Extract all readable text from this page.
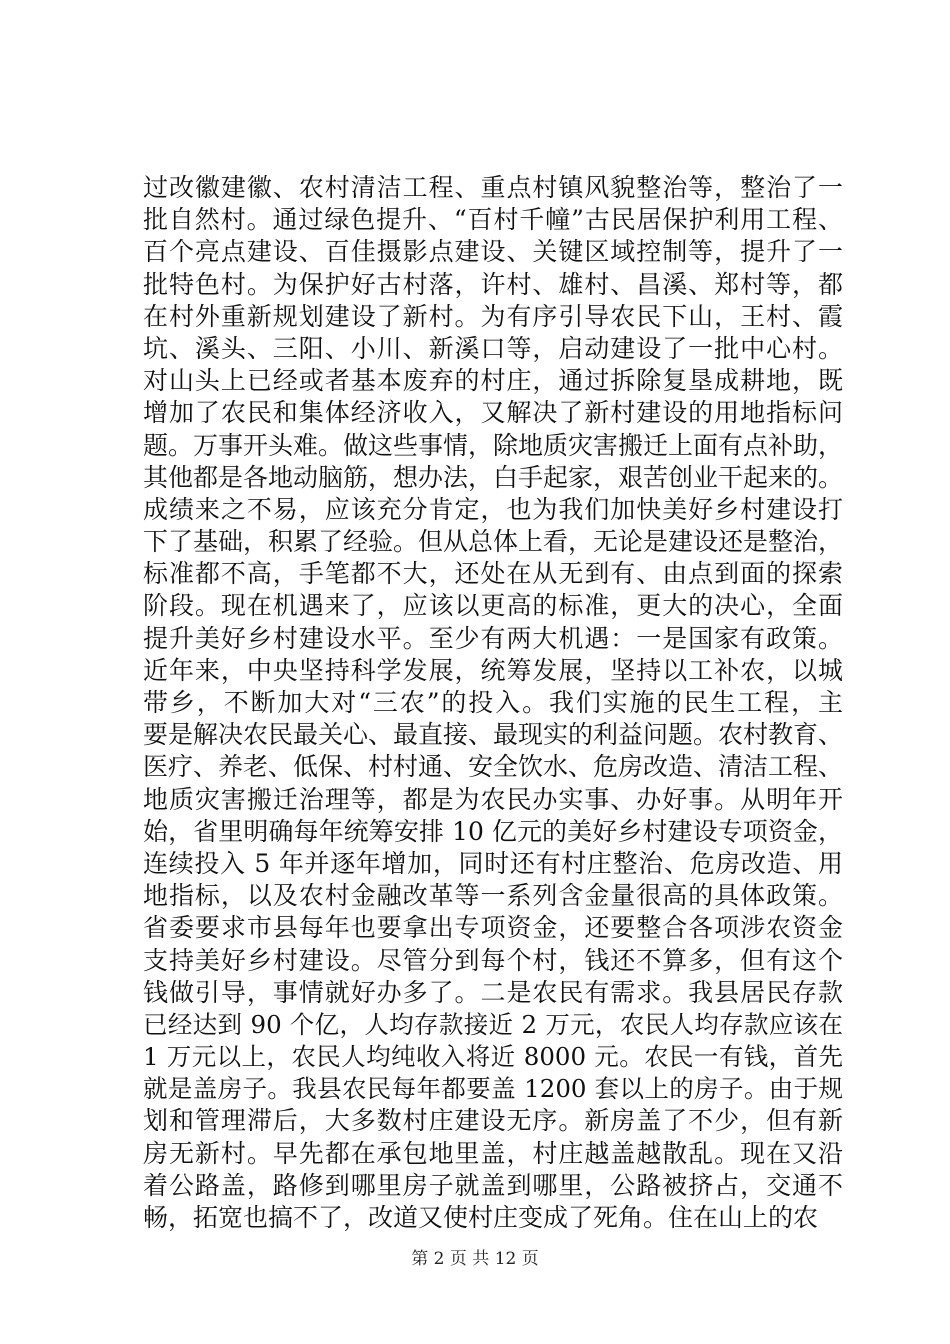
过改徽建徽、农村清洁工程、重点村镇风貌整治等，整治了一
批自然村。通过绿色提升、“百村千幢”古民居保护利用工程、
百个亮点建设、百佳摄影点建设、关键区域控制等，提升了一
批特色村。为保护好古村落，许村、雄村、昌溪、郑村等，都
在村外重新规划建设了新村。为有序引导农民下山，王村、霞
坑、溪头、三阳、小川、新溪口等，启动建设了一批中心村。
对山头上已经或者基本废弃的村庄，通过拆除复垦成耕地，既
增加了农民和集体经济收入，又解决了新村建设的用地指标问
题。万事开头难。做这些事情，除地质灾害搬迁上面有点补助，
其他都是各地动脑筋，想办法，白手起家，艰苦创业干起来的。
成绩来之不易，应该充分肯定，也为我们加快美好乡村建设打
下了基础，积累了经验。但从总体上看，无论是建设还是整治，
标准都不高，手笔都不大，还处在从无到有、由点到面的探索
阶段。现在机遇来了，应该以更高的标准，更大的决心，全面
提升美好乡村建设水平。至少有两大机遇：一是国家有政策。
近年来，中央坚持科学发展，统筹发展，坚持以工补农，以城
带乡，不断加大对“三农”的投入。我们实施的民生工程，主
要是解决农民最关心、最直接、最现实的利益问题。农村教育、
医疗、养老、低保、村村通、安全饮水、危房改造、清洁工程、
地质灾害搬迁治理等，都是为农民办实事、办好事。从明年开
始，省里明确每年统筹安排 10 亿元的美好乡村建设专项资金，
连续投入 5 年并逐年增加，同时还有村庄整治、危房改造、用
地指标，以及农村金融改革等一系列含金量很高的具体政策。
省委要求市县每年也要拿出专项资金，还要整合各项涉农资金
支持美好乡村建设。尽管分到每个村，钱还不算多，但有这个
钱做引导，事情就好办多了。二是农民有需求。我县居民存款
已经达到 90 个亿，人均存款接近 2 万元，农民人均存款应该在
1 万元以上，农民人均纯收入将近 8000 元。农民一有钱，首先
就是盖房子。我县农民每年都要盖 1200 套以上的房子。由于规
划和管理滞后，大多数村庄建设无序。新房盖了不少，但有新
房无新村。早先都在承包地里盖，村庄越盖越散乱。现在又沿
着公路盖，路修到哪里房子就盖到哪里，公路被挤占，交通不
畅，拓宽也搞不了，改道又使村庄变成了死角。住在山上的农
第 2 页 共 12 页
